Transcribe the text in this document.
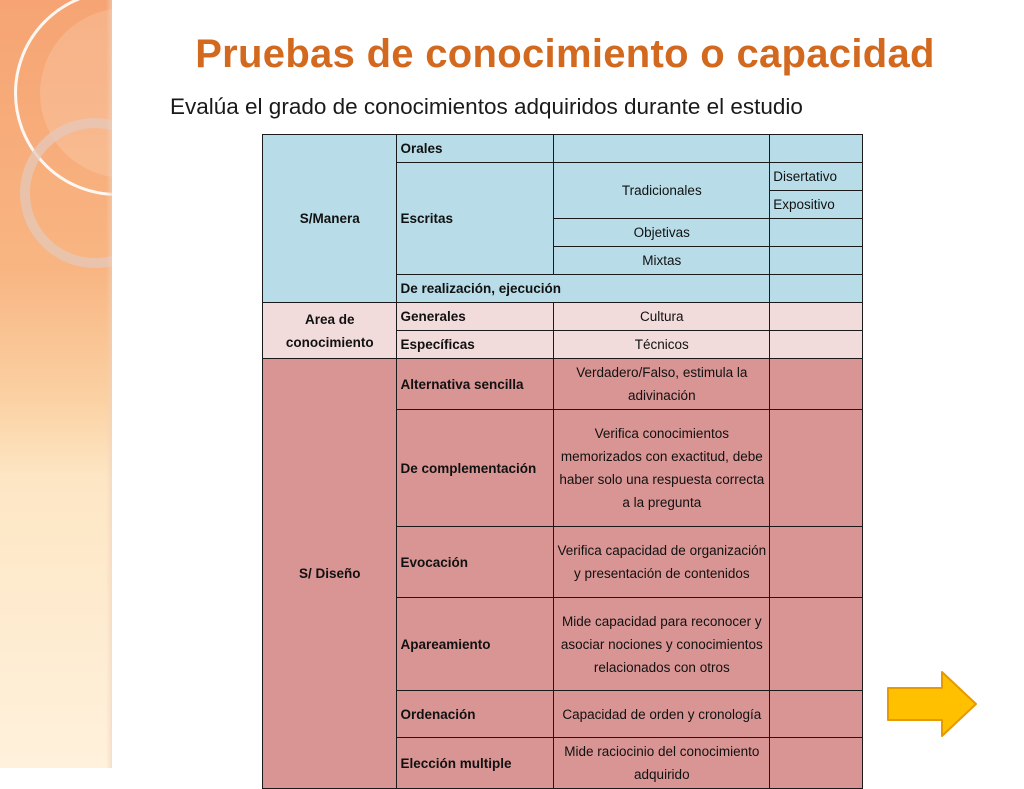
Pruebas de conocimiento o capacidad
Evalúa el grado de conocimientos adquiridos durante el estudio
S/Manera	Orales		
	Escritas	Tradicionales	Disertativo
			Expositivo
		Objetivas	
		Mixtas	
	De realización, ejecución		
Area de conocimiento	Generales	Cultura	
	Específicas	Técnicos	
S/ Diseño	Alternativa sencilla	Verdadero/Falso, estimula la adivinación	
	De complementación	Verifica conocimientos memorizados con exactitud, debe haber solo una respuesta correcta a la pregunta	
	Evocación	Verifica capacidad de organización y presentación de contenidos	
	Apareamiento	Mide capacidad para reconocer y asociar nociones y conocimientos relacionados con otros	
	Ordenación	Capacidad de orden y cronología	
	Elección multiple	Mide raciocinio del conocimiento adquirido	
